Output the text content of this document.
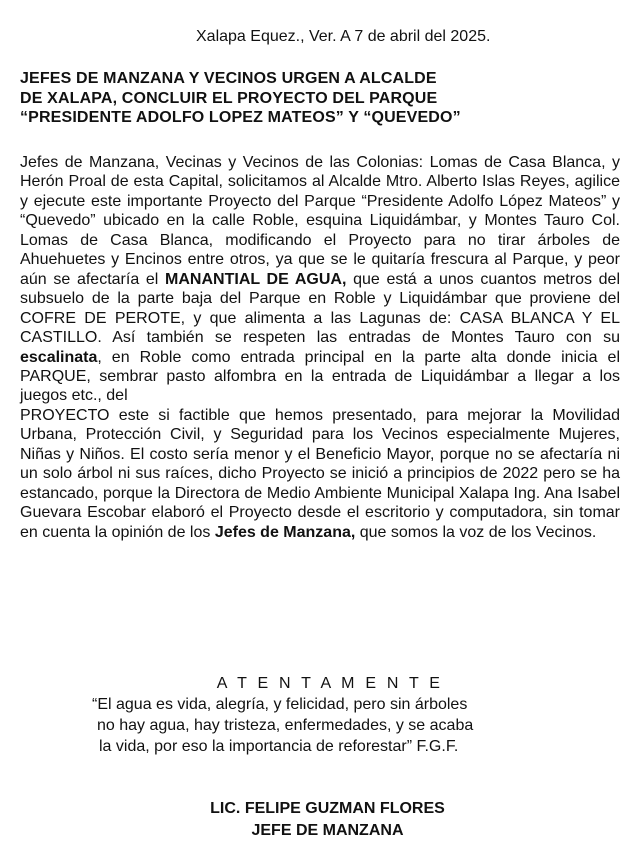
Xalapa Equez., Ver. A 7 de abril del 2025.
JEFES DE MANZANA Y VECINOS URGEN A ALCALDE
DE XALAPA, CONCLUIR EL PROYECTO DEL PARQUE
“PRESIDENTE ADOLFO LOPEZ MATEOS” Y “QUEVEDO”

Jefes de Manzana, Vecinas y Vecinos de las Colonias: Lomas de Casa Blanca, y Herón Proal de esta Capital, solicitamos al Alcalde Mtro. Alberto Islas Reyes, agilice y ejecute este importante Proyecto del Parque “Presidente Adolfo López Mateos” y “Quevedo” ubicado en la calle Roble, esquina Liquidámbar, y Montes Tauro Col. Lomas de Casa Blanca, modificando el Proyecto para no tirar árboles de Ahuehuetes y Encinos entre otros, ya que se le quitaría frescura al Parque, y peor aún se afectaría el MANANTIAL DE AGUA, que está a unos cuantos metros del subsuelo de la parte baja del Parque en Roble y Liquidámbar que proviene del COFRE DE PEROTE, y que alimenta a las Lagunas de: CASA BLANCA Y EL CASTILLO. Así también se respeten las entradas de Montes Tauro con su escalinata, en Roble como entrada principal en la parte alta donde inicia el PARQUE, sembrar pasto alfombra en la entrada de Liquidámbar a llegar a los juegos etc., del

PROYECTO este si factible que hemos presentado, para mejorar la Movilidad Urbana, Protección Civil, y Seguridad para los Vecinos especialmente Mujeres, Niñas y Niños. El costo sería menor y el Beneficio Mayor, porque no se afectaría ni un solo árbol ni sus raíces, dicho Proyecto se inició a principios de 2022 pero se ha estancado, porque la Directora de Medio Ambiente Municipal Xalapa Ing. Ana Isabel Guevara Escobar elaboró el Proyecto desde el escritorio y computadora, sin tomar en cuenta la opinión de los Jefes de Manzana, que somos la voz de los Vecinos.

A T E N T A M E N T E
“El agua es vida, alegría, y felicidad, pero sin árboles
no hay agua, hay tristeza, enfermedades, y se acaba
la vida, por eso la importancia de reforestar” F.G.F.
LIC. FELIPE GUZMAN FLORES
JEFE DE MANZANA
